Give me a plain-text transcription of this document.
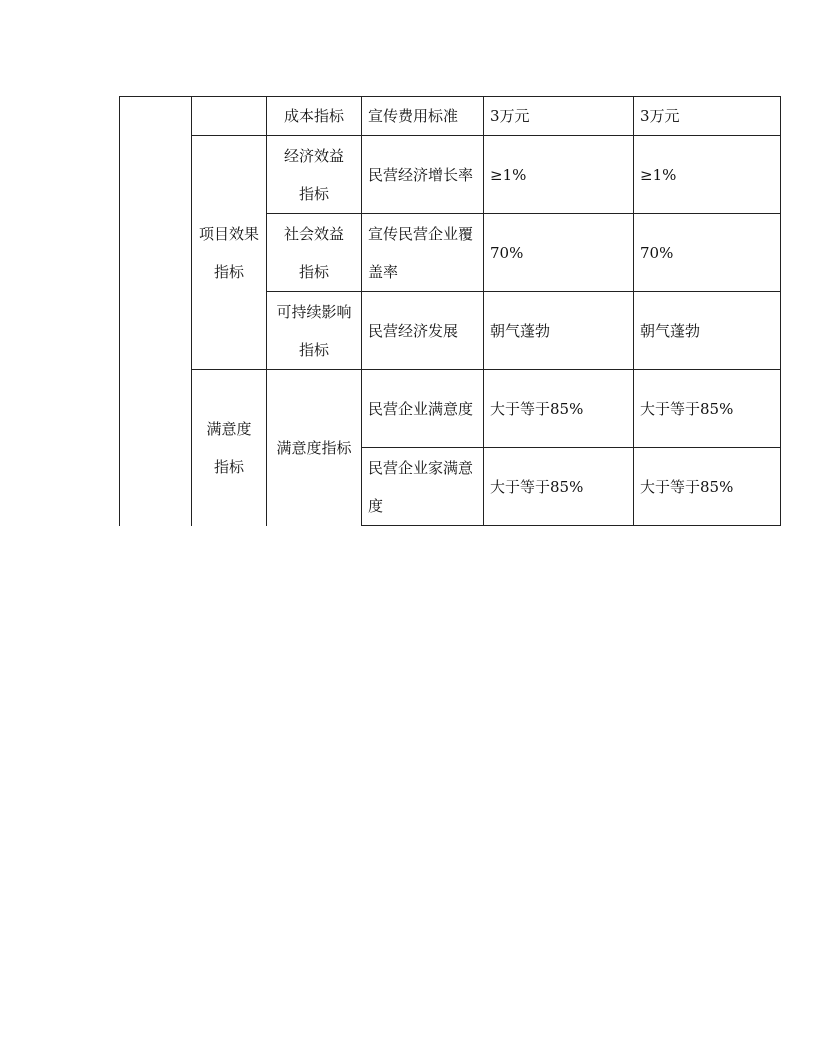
		成本指标	宣传费用标准	3万元	3万元

	项目效果指标	经济效益指标	民营经济增长率	≥1%	≥1%

		社会效益指标	宣传民营企业覆盖率	70%	70%

		可持续影响指标	民营经济发展	朝气蓬勃	朝气蓬勃

	满意度指标	满意度指标	民营企业满意度	大于等于85%	大于等于85%

			民营企业家满意度	大于等于85%	大于等于85%
